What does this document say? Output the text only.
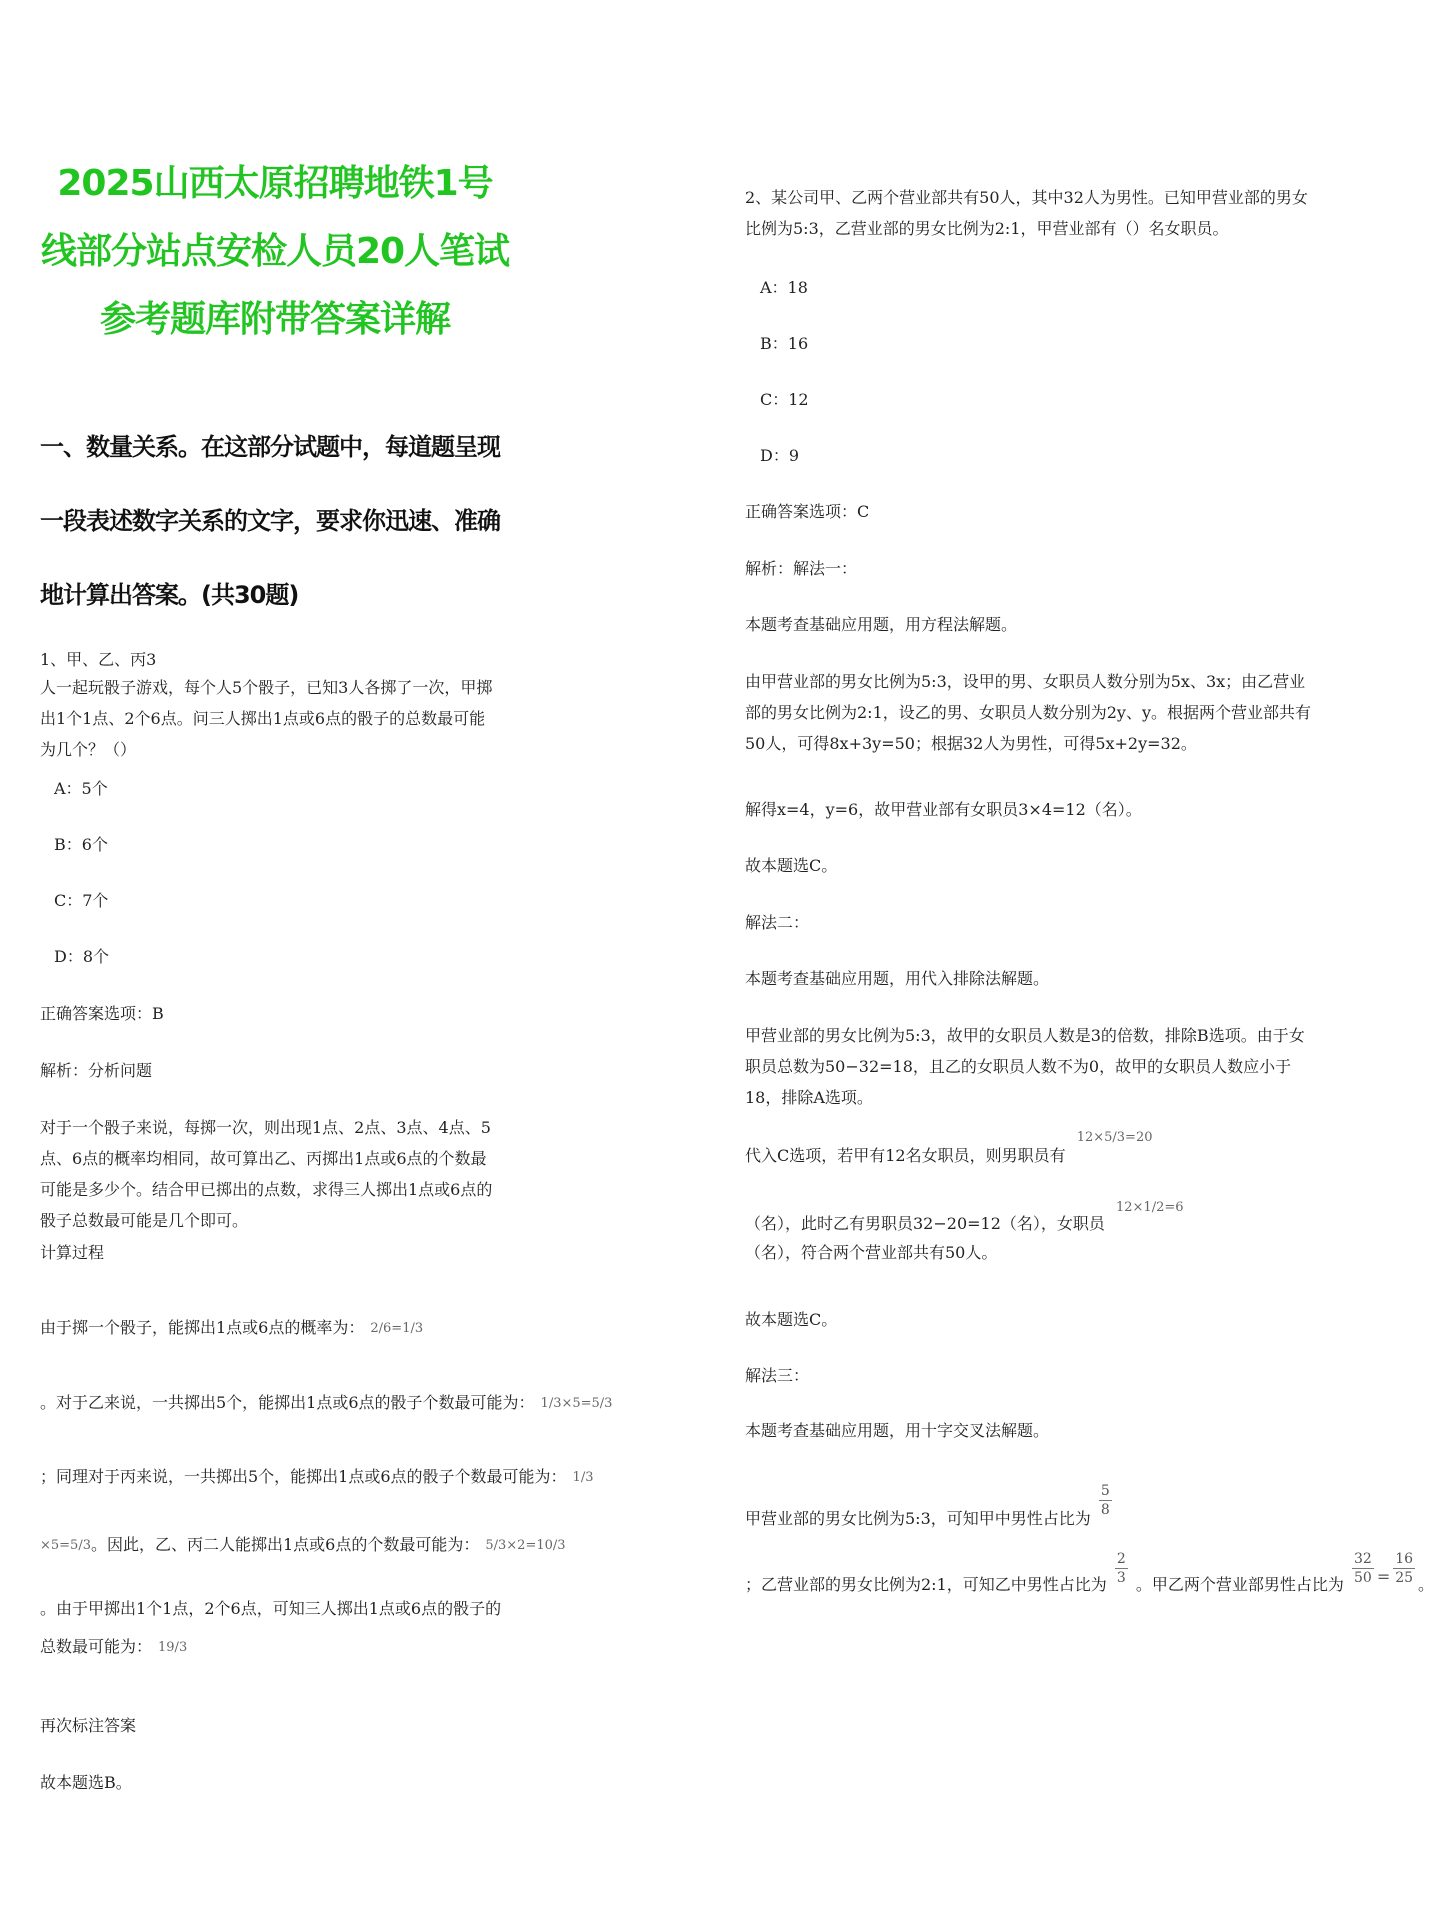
2025山西太原招聘地铁1号线部分站点安检人员20人笔试参考题库附带答案详解
一、数量关系。在这部分试题中，每道题呈现一段表述数字关系的文字，要求你迅速、准确地计算出答案。(共30题)
1、甲、乙、丙3
人一起玩骰子游戏，每个人5个骰子，已知3人各掷了一次，甲掷出1个1点、2个6点。问三人掷出1点或6点的骰子的总数最可能为几个？（）
A：5个
B：6个
C：7个
D：8个
正确答案选项：B
解析：分析问题
对于一个骰子来说，每掷一次，则出现1点、2点、3点、4点、5点、6点的概率均相同，故可算出乙、丙掷出1点或6点的个数最可能是多少个。结合甲已掷出的点数，求得三人掷出1点或6点的骰子总数最可能是几个即可。
计算过程
由于掷一个骰子，能掷出1点或6点的概率为： 2/6=1/3
。对于乙来说，一共掷出5个，能掷出1点或6点的骰子个数最可能为： 1/3×5=5/3
；同理对于丙来说，一共掷出5个，能掷出1点或6点的骰子个数最可能为： 1/3
×5=5/3。因此，乙、丙二人能掷出1点或6点的个数最可能为： 5/3×2=10/3
。由于甲掷出1个1点，2个6点，可知三人掷出1点或6点的骰子的总数最可能为： 19/3
再次标注答案
故本题选B。
2、某公司甲、乙两个营业部共有50人，其中32人为男性。已知甲营业部的男女比例为5:3，乙营业部的男女比例为2:1，甲营业部有（）名女职员。
A：18
B：16
C：12
D：9
正确答案选项：C
解析：解法一：
本题考查基础应用题，用方程法解题。
由甲营业部的男女比例为5:3，设甲的男、女职员人数分别为5x、3x；由乙营业部的男女比例为2:1，设乙的男、女职员人数分别为2y、y。根据两个营业部共有50人，可得8x+3y=50；根据32人为男性，可得5x+2y=32。
解得x=4，y=6，故甲营业部有女职员3×4=12（名）。
故本题选C。
解法二：
本题考查基础应用题，用代入排除法解题。
甲营业部的男女比例为5:3，故甲的女职员人数是3的倍数，排除B选项。由于女职员总数为50−32=18，且乙的女职员人数不为0，故甲的女职员人数应小于18，排除A选项。
代入C选项，若甲有12名女职员，则男职员有 12×5/3=20
（名），此时乙有男职员32−20=12（名），女职员 12×1/2=6
（名），符合两个营业部共有50人。
故本题选C。
解法三：
本题考查基础应用题，用十字交叉法解题。
甲营业部的男女比例为5:3，可知甲中男性占比为 $\frac{5}{8}$
；乙营业部的男女比例为2:1，可知乙中男性占比为 $\frac{2}{3}$ 。甲乙两个营业部男性占比为 $\frac{32}{50} = \frac{16}{25}$ 。
